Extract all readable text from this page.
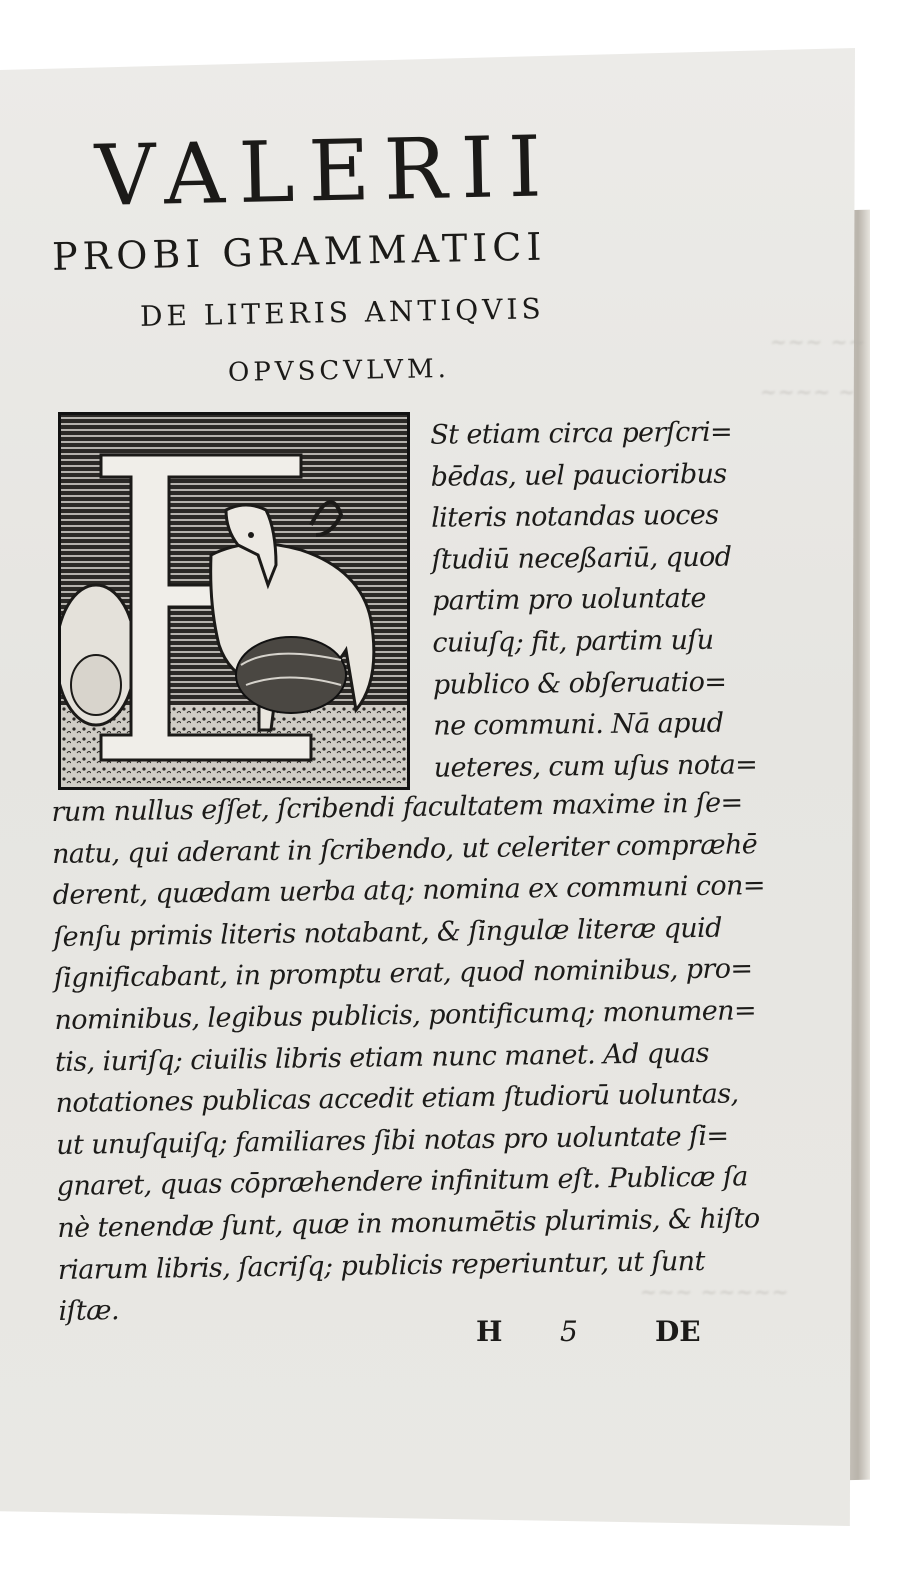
~~~ ~~
~~~~ ~
~~~ ~~~~~
VALERII
PROBI GRAMMATICI
DE LITERIS ANTIQVIS
OPVSCVLVM.
St etiam circa perſcri=
bēdas, uel paucioribus
literis notandas uoces
ſtudiū neceßariū, quod
partim pro uoluntate
cuiuſq; fit, partim uſu
publico & obſeruatio=
ne communi. Nā apud
ueteres, cum uſus nota=
rum nullus eſſet, ſcribendi facultatem maxime in ſe=
natu, qui aderant in ſcribendo, ut celeriter compræhē
derent, quædam uerba atq; nomina ex communi con=
ſenſu primis literis notabant, & ſingulæ literæ quid
ſignificabant, in promptu erat, quod nominibus, pro=
nominibus, legibus publicis, pontificumq; monumen=
tis, iuriſq; ciuilis libris etiam nunc manet. Ad quas
notationes publicas accedit etiam ſtudiorū uoluntas,
ut unuſquiſq; familiares ſibi notas pro uoluntate ſi=
gnaret, quas cōpræhendere infinitum eſt. Publicæ ſa
nè tenendæ ſunt, quæ in monumētis plurimis, & hiſto
riarum libris, ſacriſq; publicis reperiuntur, ut ſunt
iſtæ.
H 5	DE
